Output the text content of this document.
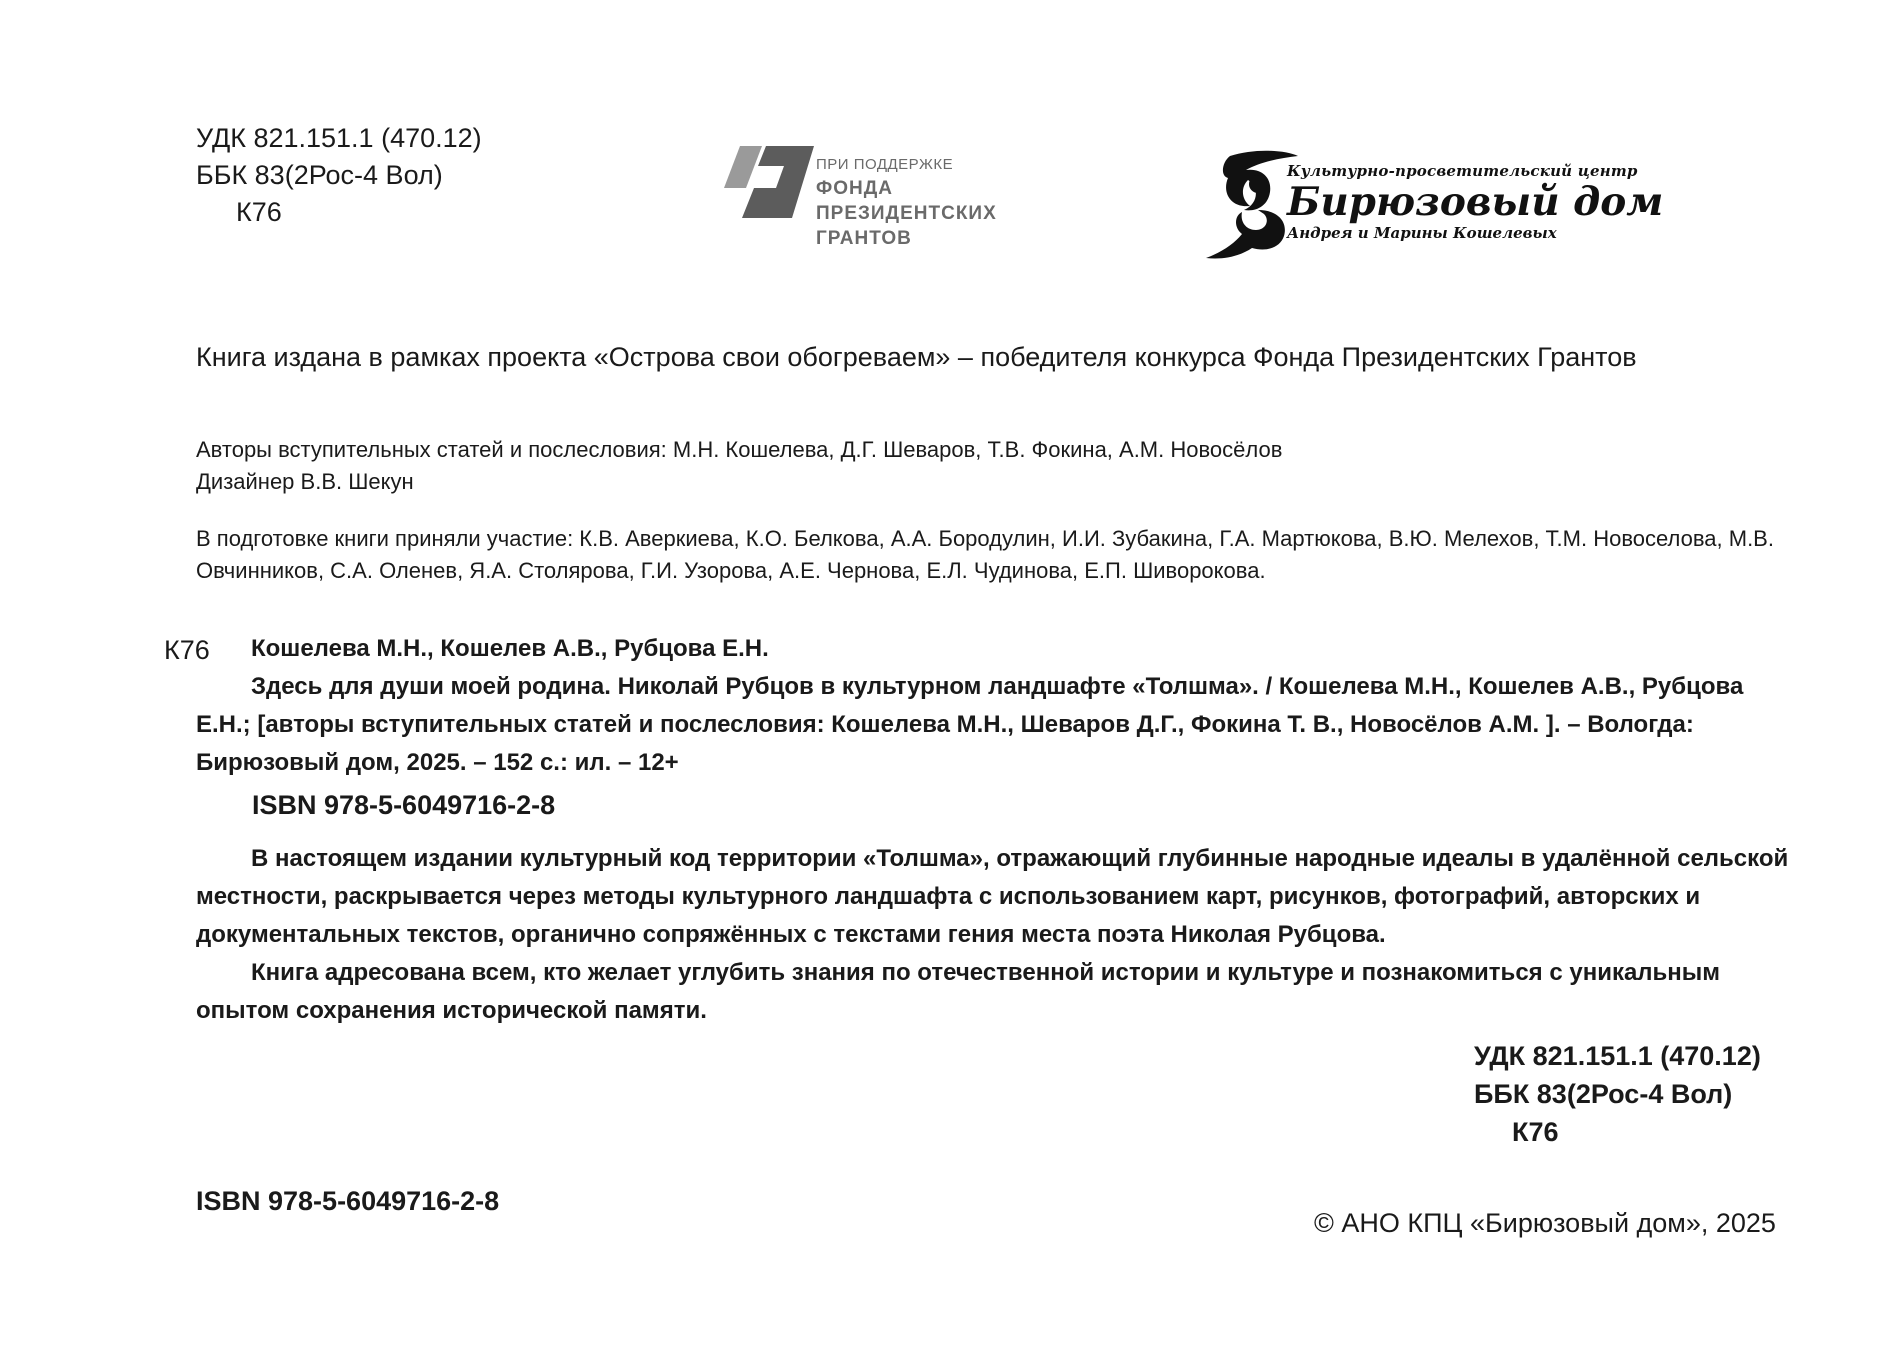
УДК 821.151.1 (470.12)
ББК 83(2Рос-4 Вол)
К76
ПРИ ПОДДЕРЖКЕ
ФОНДА
ПРЕЗИДЕНТСКИХ
ГРАНТОВ
Культурно-просветительский центр
Бирюзовый дом
Андрея и Марины Кошелевых
Книга издана в рамках проекта «Острова свои обогреваем» – победителя конкурса Фонда Президентских Грантов
Авторы вступительных статей и послесловия: М.Н. Кошелева, Д.Г. Шеваров, Т.В. Фокина, А.М. Новосёлов
Дизайнер В.В. Шекун
В подготовке книги приняли участие: К.В. Аверкиева, К.О. Белкова, А.А. Бородулин, И.И. Зубакина, Г.А. Мартюкова, В.Ю. Мелехов, Т.М. Новоселова, М.В. Овчинников, С.А. Оленев, Я.А. Столярова, Г.И. Узорова, А.Е. Чернова, Е.Л. Чудинова, Е.П. Шиворокова.
К76	Кошелева М.Н., Кошелев А.В., Рубцова Е.Н.
Здесь для души моей родина. Николай Рубцов в культурном ландшафте «Толшма». / Кошелева М.Н., Кошелев А.В., Рубцова Е.Н.; [авторы вступительных статей и послесловия: Кошелева М.Н., Шеваров Д.Г., Фокина Т. В., Новосёлов А.М. ]. – Вологда: Бирюзовый дом, 2025. – 152 с.: ил. – 12+
ISBN 978-5-6049716-2-8

В настоящем издании культурный код территории «Толшма», отражающий глубинные народные идеалы в удалённой сельской местности, раскрывается через методы культурного ландшафта с использованием карт, рисунков, фотографий, авторских и документальных текстов, органично сопряжённых с текстами гения места поэта Николая Рубцова.

Книга адресована всем, кто желает углубить знания по отечественной истории и культуре и познакомиться с уникальным опытом сохранения исторической памяти.

УДК 821.151.1 (470.12)
ББК 83(2Рос-4 Вол)
К76
ISBN 978-5-6049716-2-8
© АНО КПЦ «Бирюзовый дом», 2025
